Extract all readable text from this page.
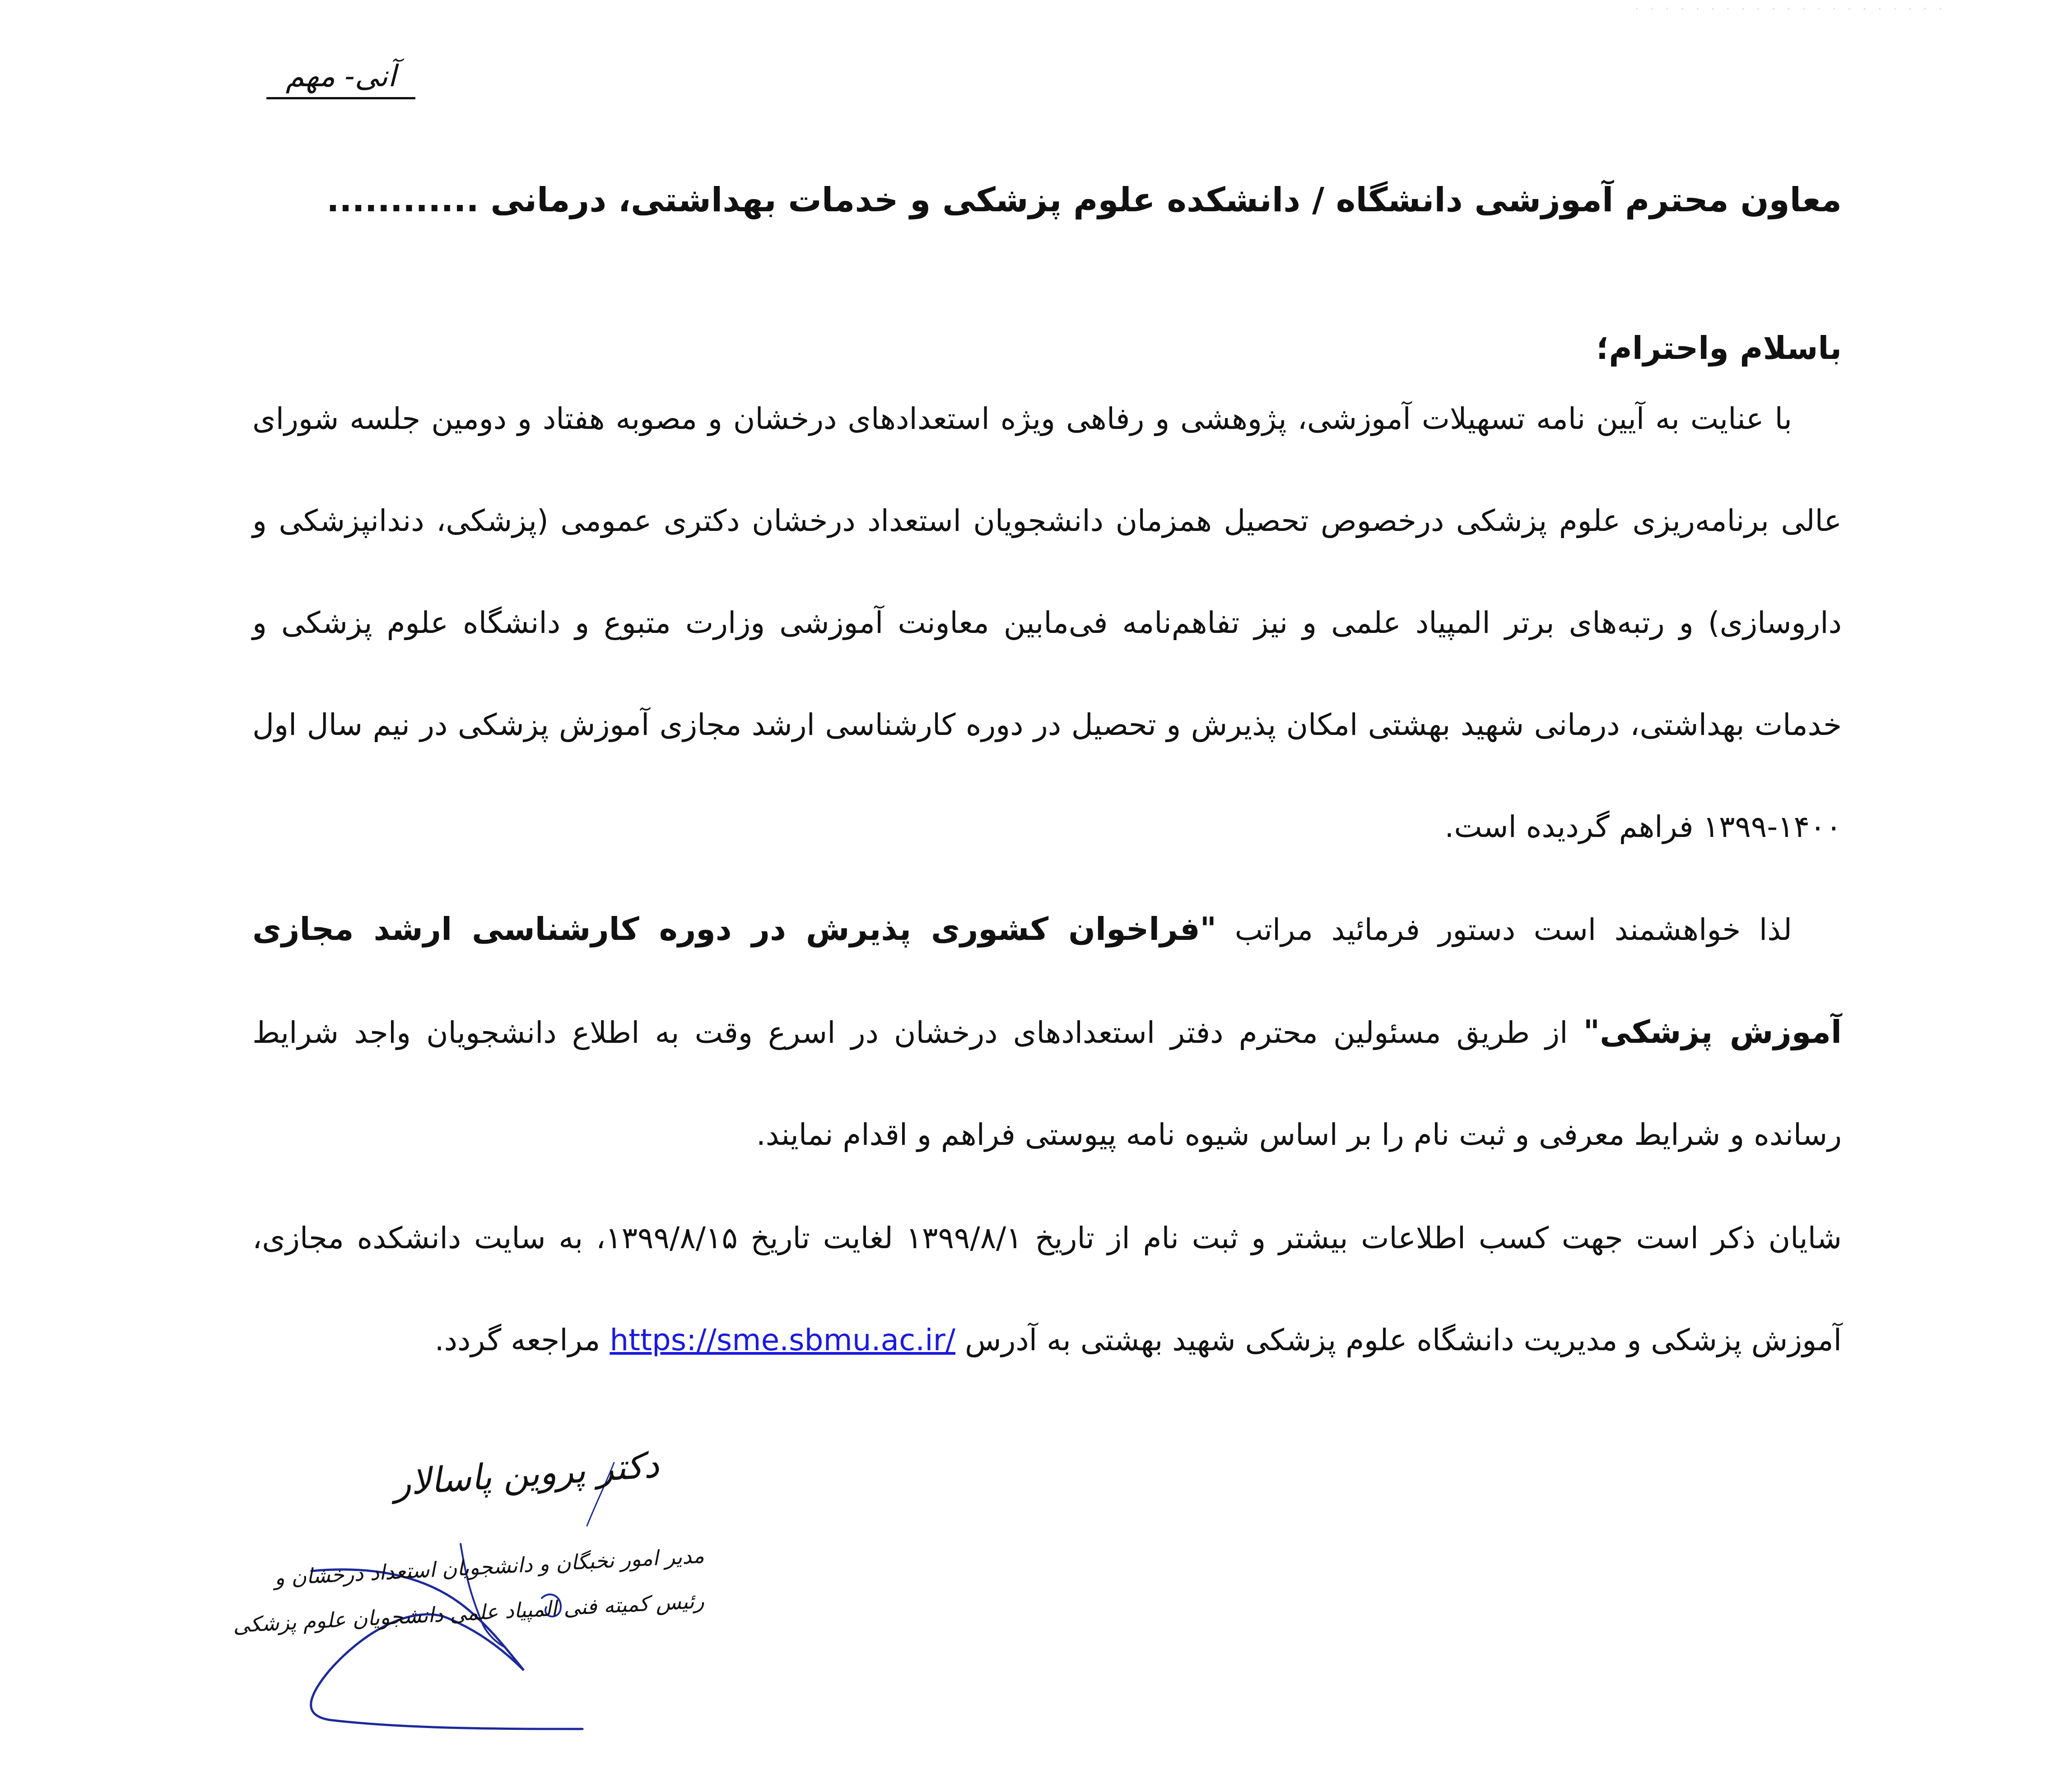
· · · · · · · · · · · · · · · · · · · · ·
آنی- مهم
معاون محترم آموزشی دانشگاه / دانشکده علوم پزشکی و خدمات بهداشتی، درمانی ............
باسلام واحترام؛

با عنایت به آیین نامه تسهیلات آموزشی، پژوهشی و رفاهی ویژه استعدادهای درخشان و مصوبه هفتاد و دومین جلسه شورای عالی برنامه‌ریزی علوم پزشکی درخصوص تحصیل همزمان دانشجویان استعداد درخشان دکتری عمومی (پزشکی، دندانپزشکی و داروسازی) و رتبه‌های برتر المپیاد علمی و نیز تفاهم‌نامه فی‌مابین معاونت آموزشی وزارت متبوع و دانشگاه علوم پزشکی و خدمات بهداشتی، درمانی شهید بهشتی امکان پذیرش و تحصیل در دوره کارشناسی ارشد مجازی آموزش پزشکی در نیم سال اول ۱۴۰۰-۱۳۹۹ فراهم گردیده است.

لذا خواهشمند است دستور فرمائید مراتب "فراخوان کشوری پذیرش در دوره کارشناسی ارشد مجازی آموزش پزشکی" از طریق مسئولین محترم دفتر استعدادهای درخشان در اسرع وقت به اطلاع دانشجویان واجد شرایط رسانده و شرایط معرفی و ثبت نام را بر اساس شیوه نامه پیوستی فراهم و اقدام نمایند.

شایان ذکر است جهت کسب اطلاعات بیشتر و ثبت نام از تاریخ ۱۳۹۹/۸/۱ لغایت تاریخ ۱۳۹۹/۸/۱۵، به سایت دانشکده مجازی، آموزش پزشکی و مدیریت دانشگاه علوم پزشکی شهید بهشتی به آدرس https://sme.sbmu.ac.ir/ مراجعه گردد.

دکتر پروین پاسالار
مدیر امور نخبگان و دانشجویان استعداد درخشان و
رئیس کمیته فنی المپیاد علمی دانشجویان علوم پزشکی
